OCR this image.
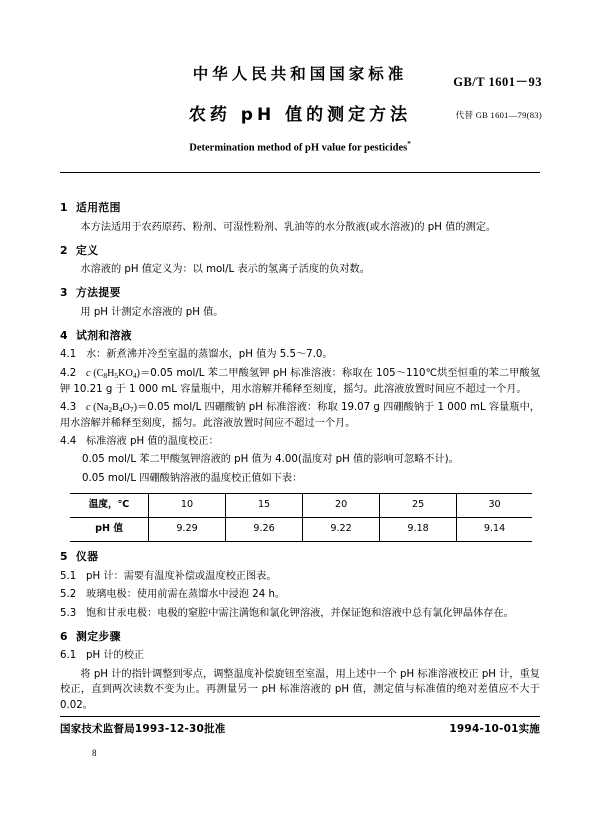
中华人民共和国国家标准	GB/T 1601－93
农药 pH 值的测定方法	代替 GB 1601—79(83)
Determination method of pH value for pesticides*
1 适用范围
本方法适用于农药原药、粉剂、可湿性粉剂、乳油等的水分散液(或水溶液)的 pH 值的测定。
2 定义
水溶液的 pH 值定义为：以 mol/L 表示的氢离子活度的负对数。
3 方法提要
用 pH 计测定水溶液的 pH 值。
4 试剂和溶液
4.1 水：新煮沸并冷至室温的蒸馏水，pH 值为 5.5～7.0。
4.2 c $(C_8H_5KO_4)=0.05$ mol/L 苯二甲酸氢钾 pH 标准溶液：称取在 105～110℃烘至恒重的苯二甲酸氢钾 10.21 g 于 1 000 mL 容量瓶中，用水溶解并稀释至刻度，摇匀。此溶液放置时间应不超过一个月。
4.3 c $(Na_2B_4O_7)=0.05$ mol/L 四硼酸钠 pH 标准溶液：称取 19.07 g 四硼酸钠于 1 000 mL 容量瓶中，用水溶解并稀释至刻度，摇匀。此溶液放置时间应不超过一个月。
4.4 标准溶液 pH 值的温度校正：
0.05 mol/L 苯二甲酸氢钾溶液的 pH 值为 4.00(温度对 pH 值的影响可忽略不计)。
0.05 mol/L 四硼酸钠溶液的温度校正值如下表：
温度，℃	10	15	20	25	30
pH 值	9.29	9.26	9.22	9.18	9.14
5 仪器
5.1 pH 计：需要有温度补偿或温度校正图表。
5.2 玻璃电极：使用前需在蒸馏水中浸泡 24 h。
5.3 饱和甘汞电极：电极的窒腔中需注满饱和氯化钾溶液，并保证饱和溶液中总有氯化钾晶体存在。
6 测定步骤
6.1 pH 计的校正
将 pH 计的指针调整到零点，调整温度补偿旋钮至室温，用上述中一个 pH 标准溶液校正 pH 计，重复校正，直到两次读数不变为止。再测量另一 pH 标准溶液的 pH 值，测定值与标准值的绝对差值应不大于 0.02。
国家技术监督局1993-12-30批准	1994-10-01实施
8
